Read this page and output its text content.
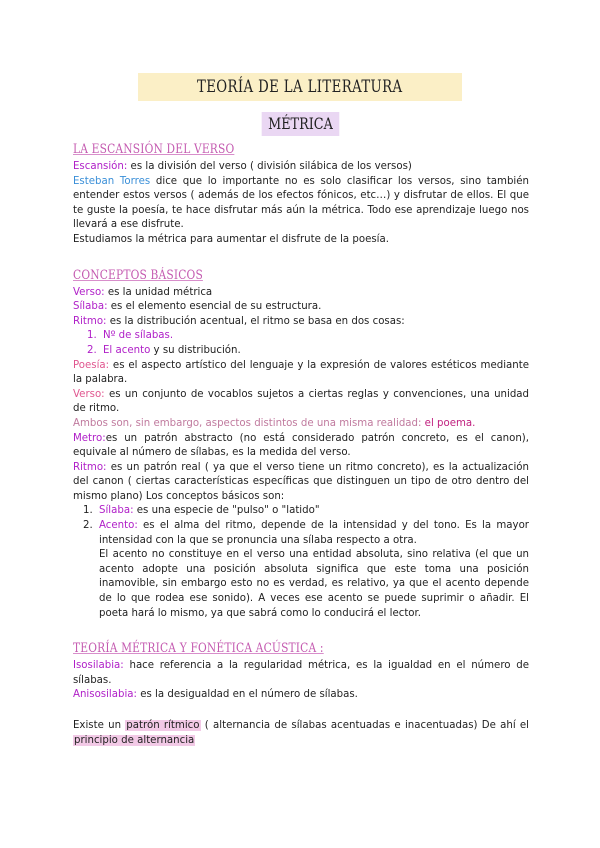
TEORÍA DE LA LITERATURA
MÉTRICA
LA ESCANSIÓN DEL VERSO

Escansión: es la división del verso ( división silábica de los versos)

Esteban Torres dice que lo importante no es solo clasificar los versos, sino también entender estos versos ( además de los efectos fónicos, etc…) y disfrutar de ellos. El que te guste la poesía, te hace disfrutar más aún la métrica. Todo ese aprendizaje luego nos llevará a ese disfrute.

Estudiamos la métrica para aumentar el disfrute de la poesía.

CONCEPTOS BÁSICOS

Verso: es la unidad métrica

Sílaba: es el elemento esencial de su estructura.

Ritmo: es la distribución acentual, el ritmo se basa en dos cosas:

1. Nº de sílabas.

2. El acento y su distribución.

Poesía: es el aspecto artístico del lenguaje y la expresión de valores estéticos mediante la palabra.

Verso: es un conjunto de vocablos sujetos a ciertas reglas y convenciones, una unidad de ritmo.

Ambos son, sin embargo, aspectos distintos de una misma realidad: el poema.

Metro:es un patrón abstracto (no está considerado patrón concreto, es el canon), equivale al número de sílabas, es la medida del verso.

Ritmo: es un patrón real ( ya que el verso tiene un ritmo concreto), es la actualización del canon ( ciertas características específicas que distinguen un tipo de otro dentro del mismo plano) Los conceptos básicos son:

1. Sílaba: es una especie de "pulso" o "latido"

2. Acento: es el alma del ritmo, depende de la intensidad y del tono. Es la mayor intensidad con la que se pronuncia una sílaba respecto a otra.

El acento no constituye en el verso una entidad absoluta, sino relativa (el que un acento adopte una posición absoluta significa que este toma una posición inamovible, sin embargo esto no es verdad, es relativo, ya que el acento depende de lo que rodea ese sonido). A veces ese acento se puede suprimir o añadir. El poeta hará lo mismo, ya que sabrá como lo conducirá el lector.

TEORÍA MÉTRICA Y FONÉTICA ACÚSTICA :

Isosilabia: hace referencia a la regularidad métrica, es la igualdad en el número de sílabas.

Anisosilabia: es la desigualdad en el número de sílabas.

Existe un patrón rítmico ( alternancia de sílabas acentuadas e inacentuadas) De ahí el principio de alternancia
